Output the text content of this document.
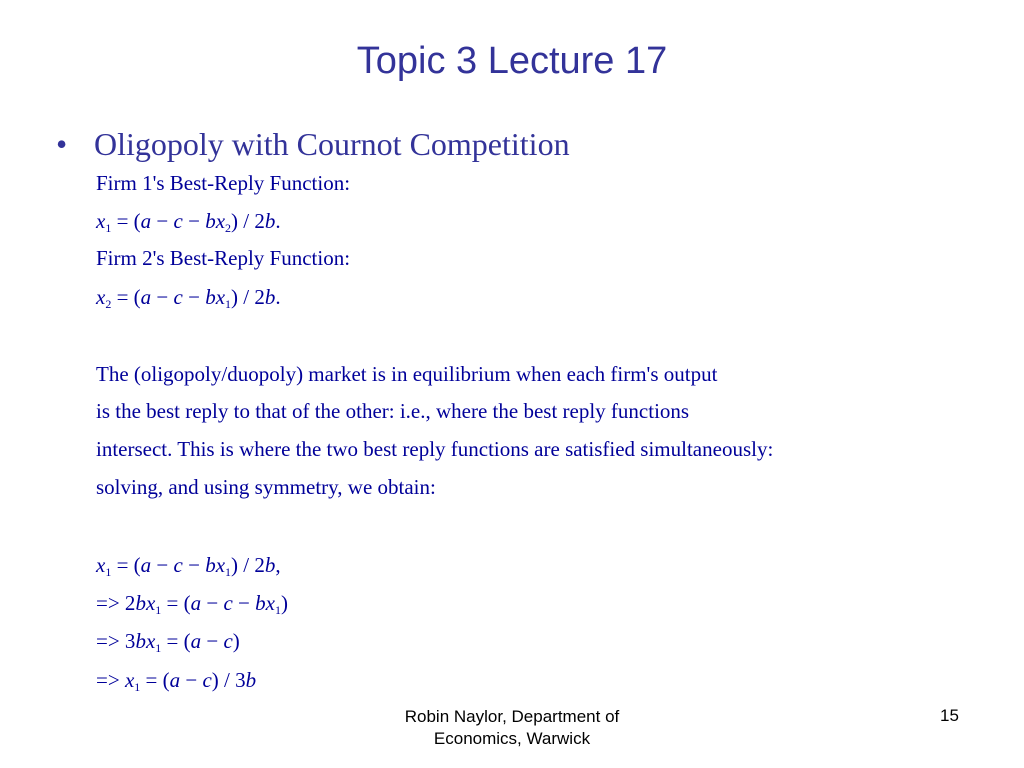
Topic 3 Lecture 17
• Oligopoly with Cournot Competition
Firm 1's Best-Reply Function:
$x_1 = (a - c - bx_2) / 2b$.
Firm 2's Best-Reply Function:
$x_2 = (a - c - bx_1) / 2b$.
The (oligopoly/duopoly) market is in equilibrium when each firm's output
is the best reply to that of the other: i.e., where the best reply functions
intersect. This is where the two best reply functions are satisfied simultaneously:
solving, and using symmetry, we obtain:
$x_1 = (a - c - bx_1) / 2b$,
=> $2bx_1 = (a - c - bx_1)$
=> $3bx_1 = (a - c)$
=> $x_1 = (a - c) / 3b$
Robin Naylor, Department of Economics, Warwick
15
